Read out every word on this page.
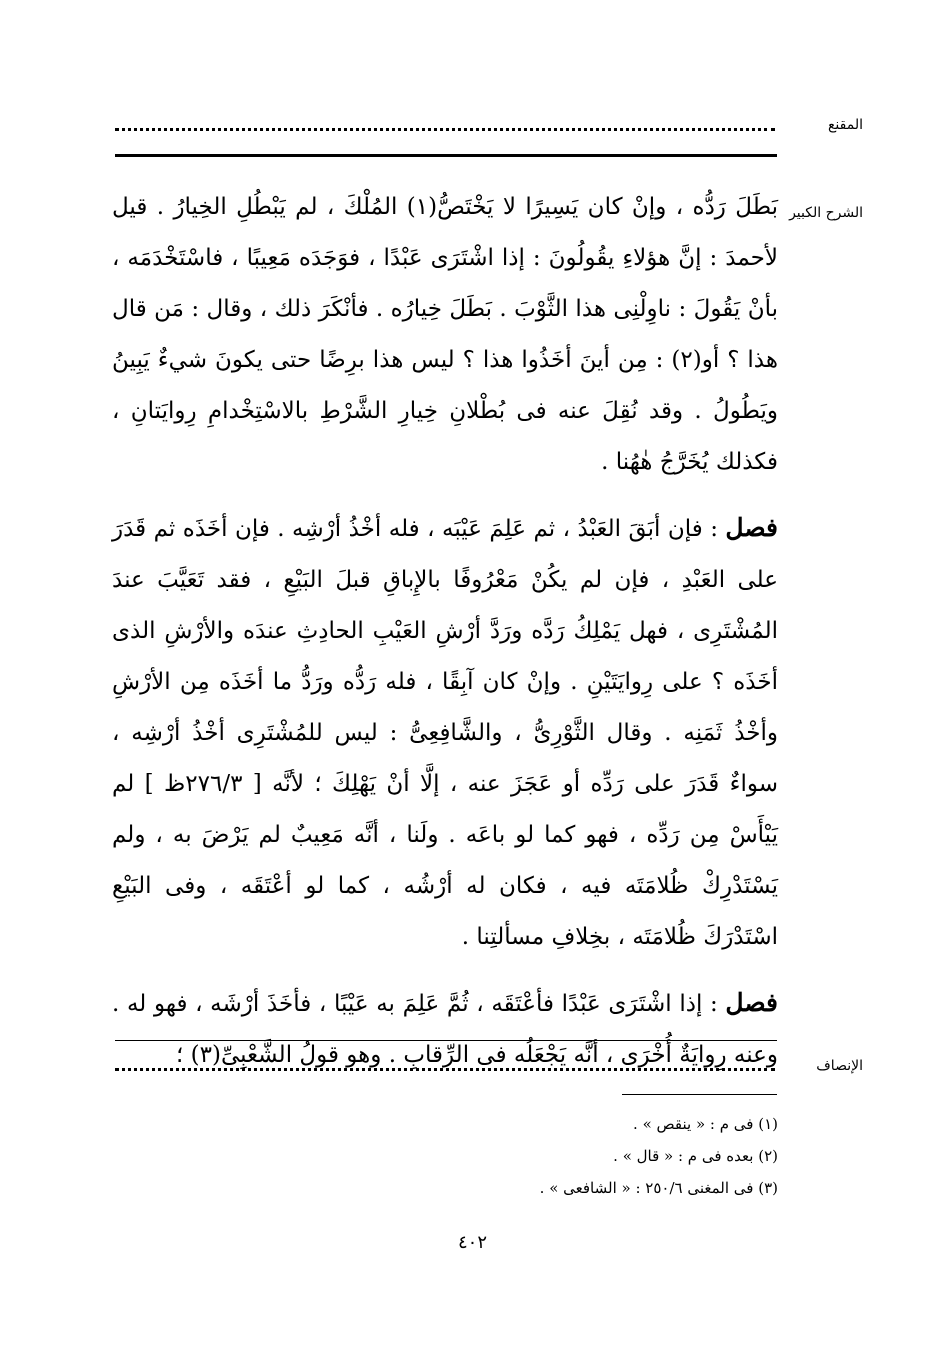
المقنع
الشرح الكبير

بَطَلَ رَدُّه ، وإنْ كان يَسِيرًا لا يَخْتَصُّ(١) المُلْكَ ، لم يَبْطُلِ الخِيارُ . قيل لأحمدَ : إنَّ هؤلاءِ يقُولُونَ : إذا اشْتَرَى عَبْدًا ، فوَجَدَه مَعِيبًا ، فاسْتَخْدَمَه ، بأنْ يَقُولَ : ناوِلْنِى هذا الثَّوْبَ . بَطَلَ خِيارُه . فأنْكَرَ ذلك ، وقال : مَن قال هذا ؟ أو(٢) : مِن أينَ أخَذُوا هذا ؟ ليس هذا برِضًا حتى يكونَ شيءٌ يَبِينُ ويَطُولُ . وقد نُقِلَ عنه فى بُطْلانِ خِيارِ الشَّرْطِ بالاسْتِخْدامِ رِوايَتانِ ، فكذلك يُخَرَّجُ هٰهُنا .

فصل : فإن أبَقَ العَبْدُ ، ثم عَلِمَ عَيْبَه ، فله أخْذُ أرْشِه . فإن أخَذَه ثم قَدَرَ على العَبْدِ ، فإن لم يكُنْ مَعْرُوفًا بالإِباقِ قبلَ البَيْعِ ، فقد تَعَيَّبَ عندَ المُشْتَرِى ، فهل يَمْلِكُ رَدَّه ورَدَّ أرْشِ العَيْبِ الحادِثِ عندَه والأرْشِ الذى أخَذَه ؟ على رِوايَتَيْنِ . وإنْ كان آبِقًا ، فله رَدُّه ورَدُّ ما أخَذَه مِن الأرْشِ وأخْذُ ثَمَنِه . وقال الثَّوْرِىُّ ، والشَّافِعِىُّ : ليس للمُشْتَرِى أخْذُ أرْشِه ، سواءٌ قَدَرَ على رَدِّه أو عَجَزَ عنه ، إلَّا أنْ يَهْلِكَ ؛ لأنَّه [ ٢٧٦/٣ظ ] لم يَيْأَسْ مِن رَدِّه ، فهو كما لو باعَه . ولَنا ، أنَّه مَعِيبٌ لم يَرْضَ به ، ولم يَسْتَدْرِكْ ظُلامَتَه فيه ، فكان له أرْشُه ، كما لو أعْتَقَه ، وفى البَيْعِ اسْتَدْرَكَ ظُلامَتَه ، بخِلافِ مسألتِنا .

فصل : إذا اشْتَرَى عَبْدًا فأعْتَقَه ، ثُمَّ عَلِمَ به عَيْبًا ، فأخَذَ أرْشَه ، فهو له . وعنه رِوايَةٌ أُخْرَى ، أنَّه يَجْعَلُه فى الرِّقابِ . وهو قولُ الشَّعْبِىِّ(٣) ؛	الإنصاف
(١) فى م : « ينقص » .
(٢) بعده فى م : « قال » .
(٣) فى المغنى ٢٥٠/٦ : « الشافعى » .
٤٠٢
